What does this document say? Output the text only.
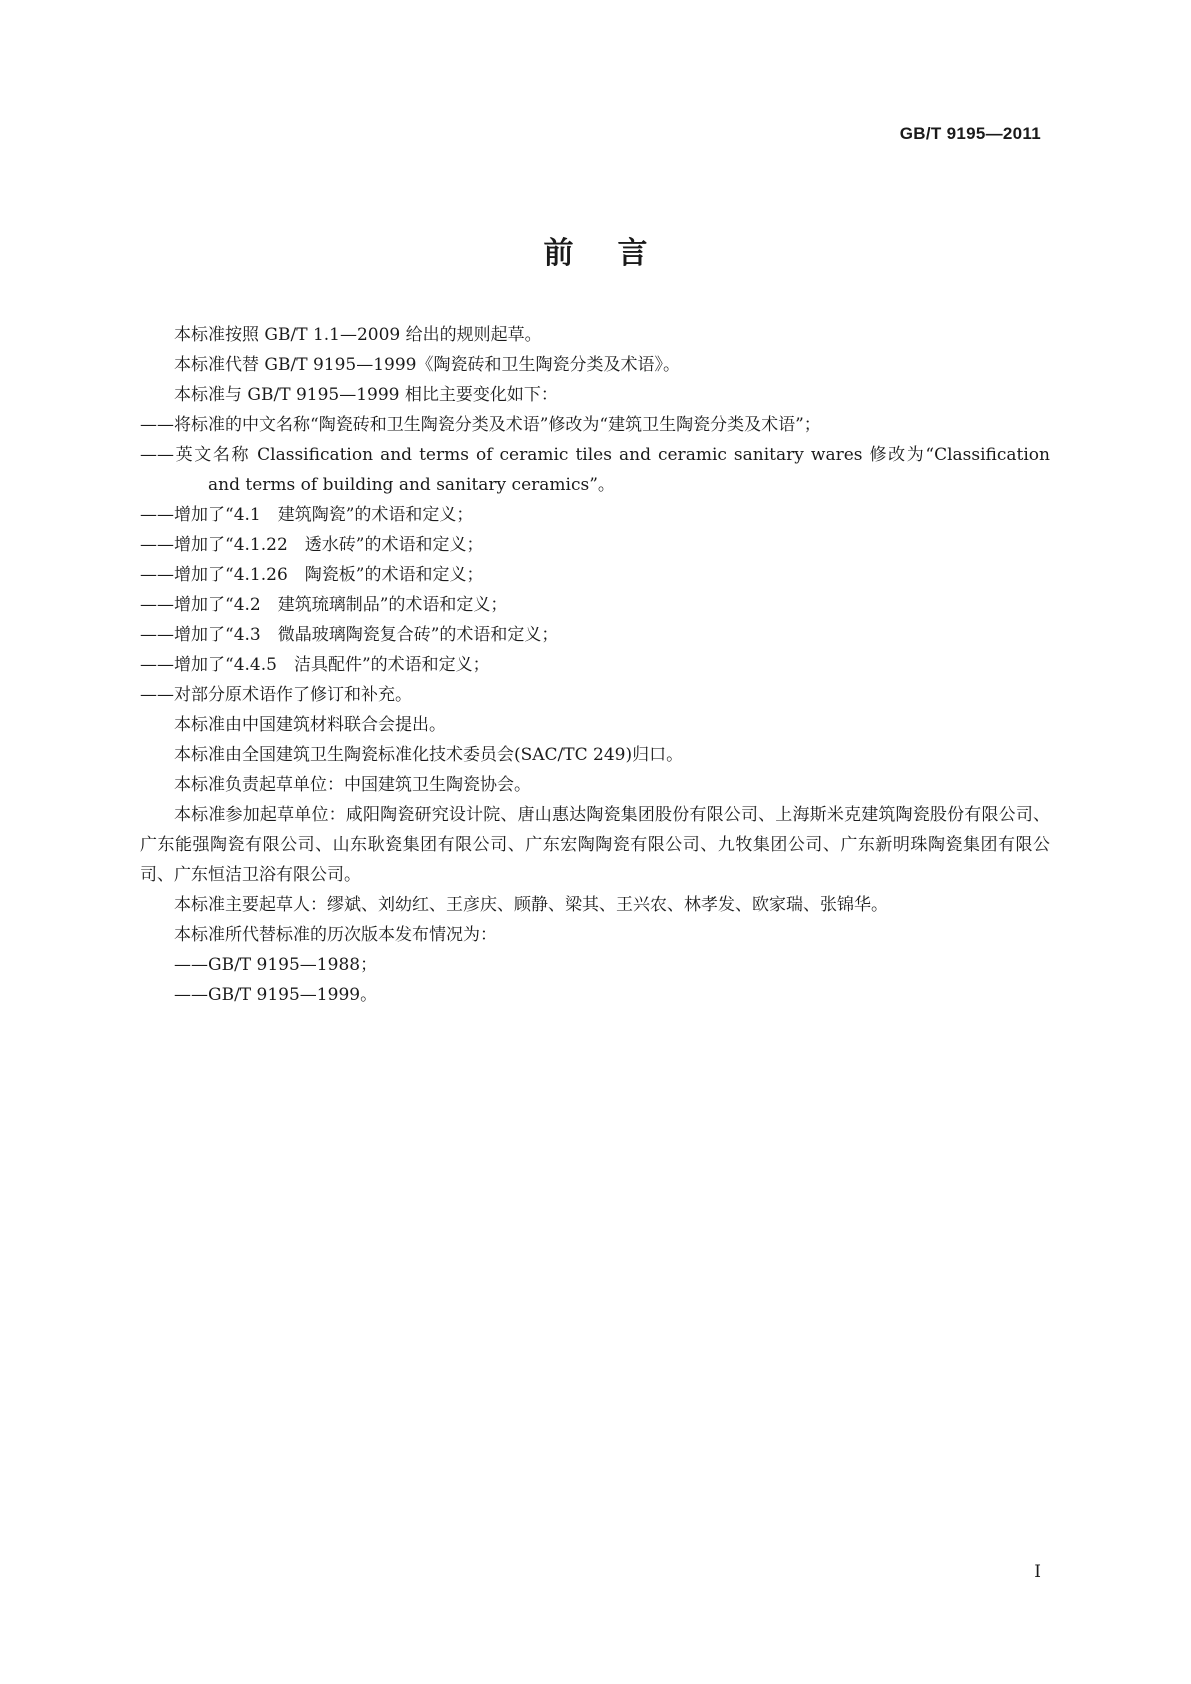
GB/T 9195—2011
前言

本标准按照 GB/T 1.1—2009 给出的规则起草。

本标准代替 GB/T 9195—1999《陶瓷砖和卫生陶瓷分类及术语》。

本标准与 GB/T 9195—1999 相比主要变化如下：

——将标准的中文名称“陶瓷砖和卫生陶瓷分类及术语”修改为“建筑卫生陶瓷分类及术语”；

——英文名称 Classification and terms of ceramic tiles and ceramic sanitary wares 修改为“Classification and terms of building and sanitary ceramics”。

——增加了“4.1　建筑陶瓷”的术语和定义；

——增加了“4.1.22　透水砖”的术语和定义；

——增加了“4.1.26　陶瓷板”的术语和定义；

——增加了“4.2　建筑琉璃制品”的术语和定义；

——增加了“4.3　微晶玻璃陶瓷复合砖”的术语和定义；

——增加了“4.4.5　洁具配件”的术语和定义；

——对部分原术语作了修订和补充。

本标准由中国建筑材料联合会提出。

本标准由全国建筑卫生陶瓷标准化技术委员会(SAC/TC 249)归口。

本标准负责起草单位：中国建筑卫生陶瓷协会。

本标准参加起草单位：咸阳陶瓷研究设计院、唐山惠达陶瓷集团股份有限公司、上海斯米克建筑陶瓷股份有限公司、广东能强陶瓷有限公司、山东耿瓷集团有限公司、广东宏陶陶瓷有限公司、九牧集团公司、广东新明珠陶瓷集团有限公司、广东恒洁卫浴有限公司。

本标准主要起草人：缪斌、刘幼红、王彦庆、顾静、梁其、王兴农、林孝发、欧家瑞、张锦华。

本标准所代替标准的历次版本发布情况为：

——GB/T 9195—1988；

——GB/T 9195—1999。

I
